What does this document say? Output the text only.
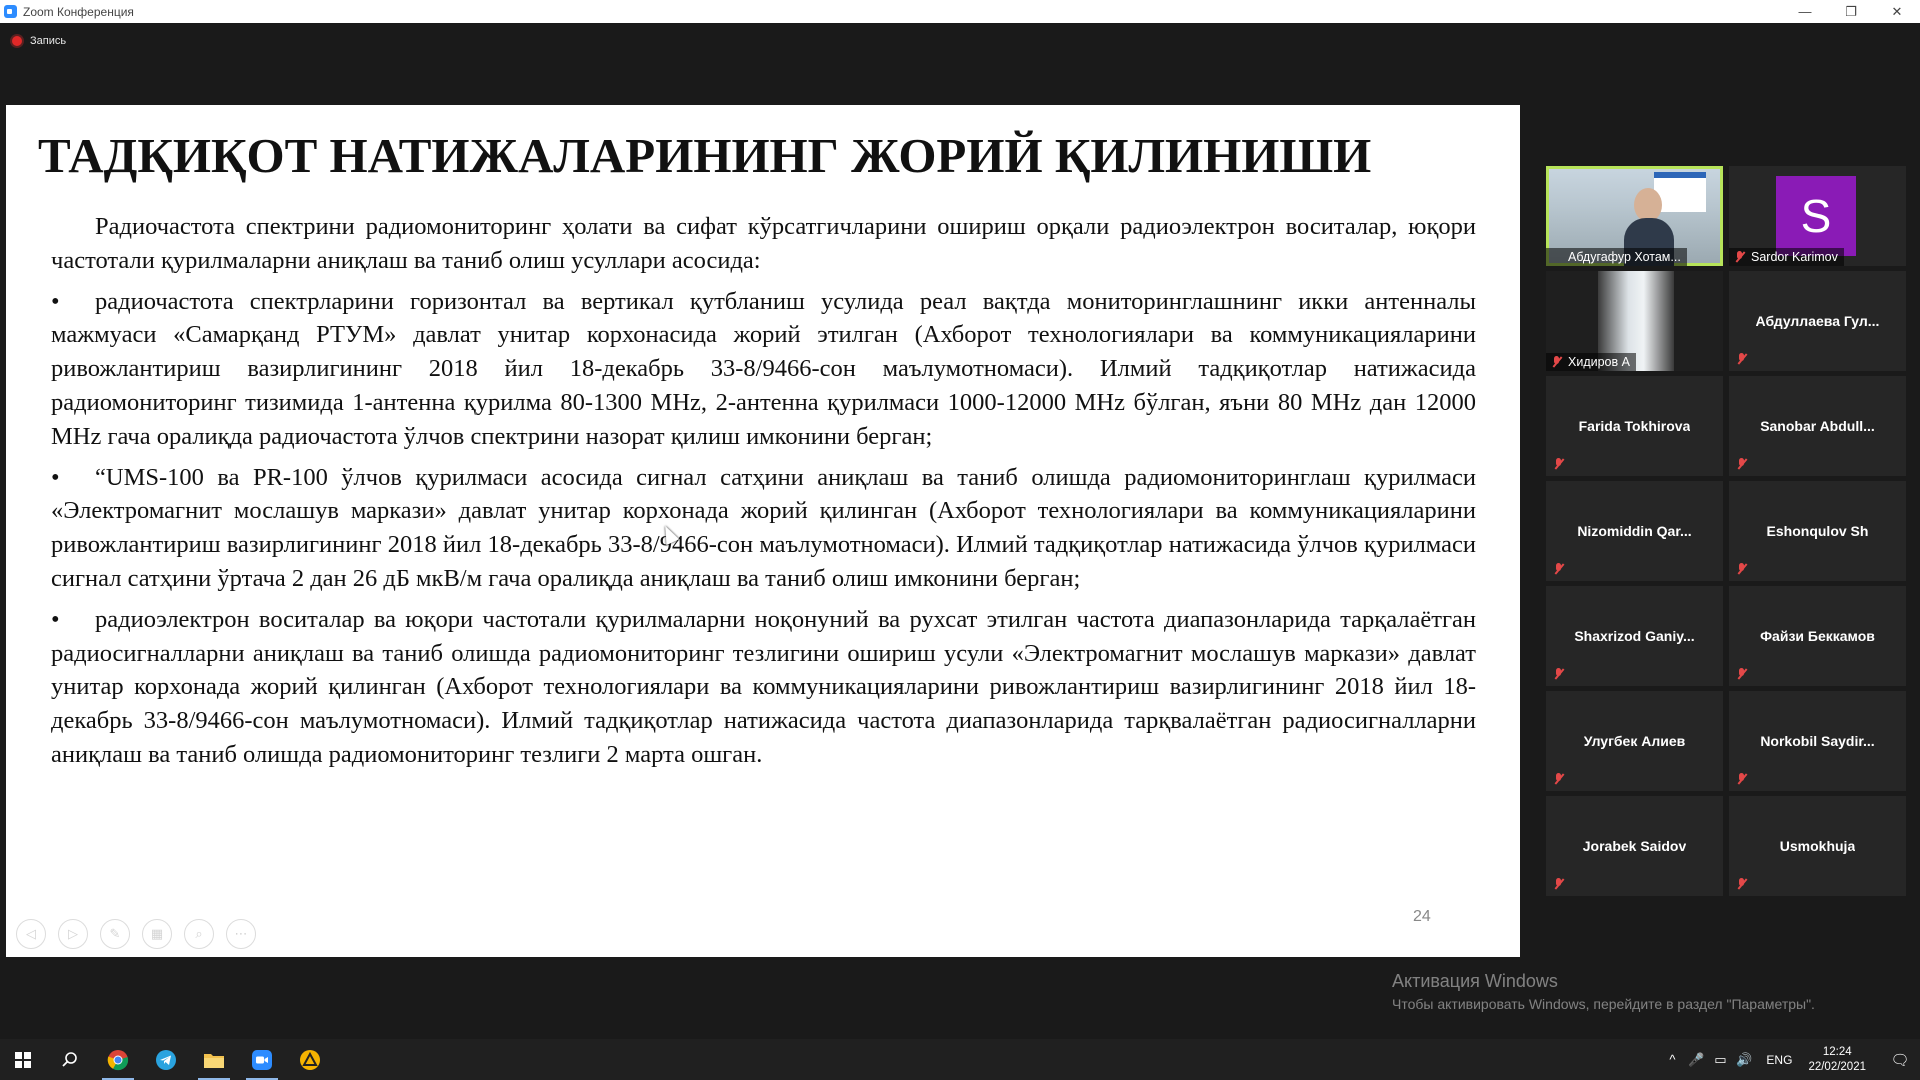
Zoom Конференция	—	❐	✕
Запись
ТАДҚИҚОТ НАТИЖАЛАРИНИНГ ЖОРИЙ ҚИЛИНИШИ

Радиочастота спектрини радиомониторинг ҳолати ва сифат кўрсатгичларини ошириш орқали радиоэлектрон воситалар, юқори частотали қурилмаларни аниқлаш ва таниб олиш усуллари асосида:

• радиочастота спектрларини горизонтал ва вертикал қутбланиш усулида реал вақтда мониторинглашнинг икки антенналы мажмуаси «Самарқанд РТУМ» давлат унитар корхонасида жорий этилган (Ахборот технологиялари ва коммуникацияларини ривожлантириш вазирлигининг 2018 йил 18-декабрь 33-8/9466-сон маълумотномаси). Илмий тадқиқотлар натижасида радиомониторинг тизимида 1-антенна қурилма 80-1300 MHz, 2-антенна қурилмаси 1000-12000 MHz бўлган, яъни 80 MHz дан 12000 MHz гача оралиқда радиочастота ўлчов спектрини назорат қилиш имконини берган;

• “UMS-100 ва PR-100 ўлчов қурилмаси асосида сигнал сатҳини аниқлаш ва таниб олишда радиомониторинглаш қурилмаси «Электромагнит мослашув маркази» давлат унитар корхонада жорий қилинган (Ахборот технологиялари ва коммуникацияларини ривожлантириш вазирлигининг 2018 йил 18-декабрь 33-8/9466-сон маълумотномаси). Илмий тадқиқотлар натижасида ўлчов қурилмаси сигнал сатҳини ўртача 2 дан 26 дБ мкВ/м гача оралиқда аниқлаш ва таниб олиш имконини берган;

• радиоэлектрон воситалар ва юқори частотали қурилмаларни ноқонуний ва рухсат этилган частота диапазонларида тарқалаётган радиосигналларни аниқлаш ва таниб олишда радиомониторинг тезлигини ошириш усули «Электромагнит мослашув маркази» давлат унитар корхонада жорий қилинган (Ахборот технологиялари ва коммуникацияларини ривожлантириш вазирлигининг 2018 йил 18-декабрь 33-8/9466-сон маълумотномаси). Илмий тадқиқотлар натижасида частота диапазонларида тарқвалаётган радиосигналларни аниқлаш ва таниб олишда радиомониторинг тезлиги 2 марта ошган.

24
◁	▷	✎	▦	⌕	⋯
Абдугафур Хотам...
S
Sardor Karimov
Хидиров А
Абдуллаева Гул...
Farida Tokhirova	Sanobar Abdull...
Nizomiddin Qar...	Eshonqulov Sh
Shaxrizod Ganiy...	Файзи Беккамов
Улугбек Алиев	Norkobil Saydir...
Jorabek Saidov	Usmokhuja
Активация Windows
Чтобы активировать Windows, перейдите в раздел "Параметры".
^ 🎤 ▭ 🔊	ENG
12:24
22/02/2021	🗨
